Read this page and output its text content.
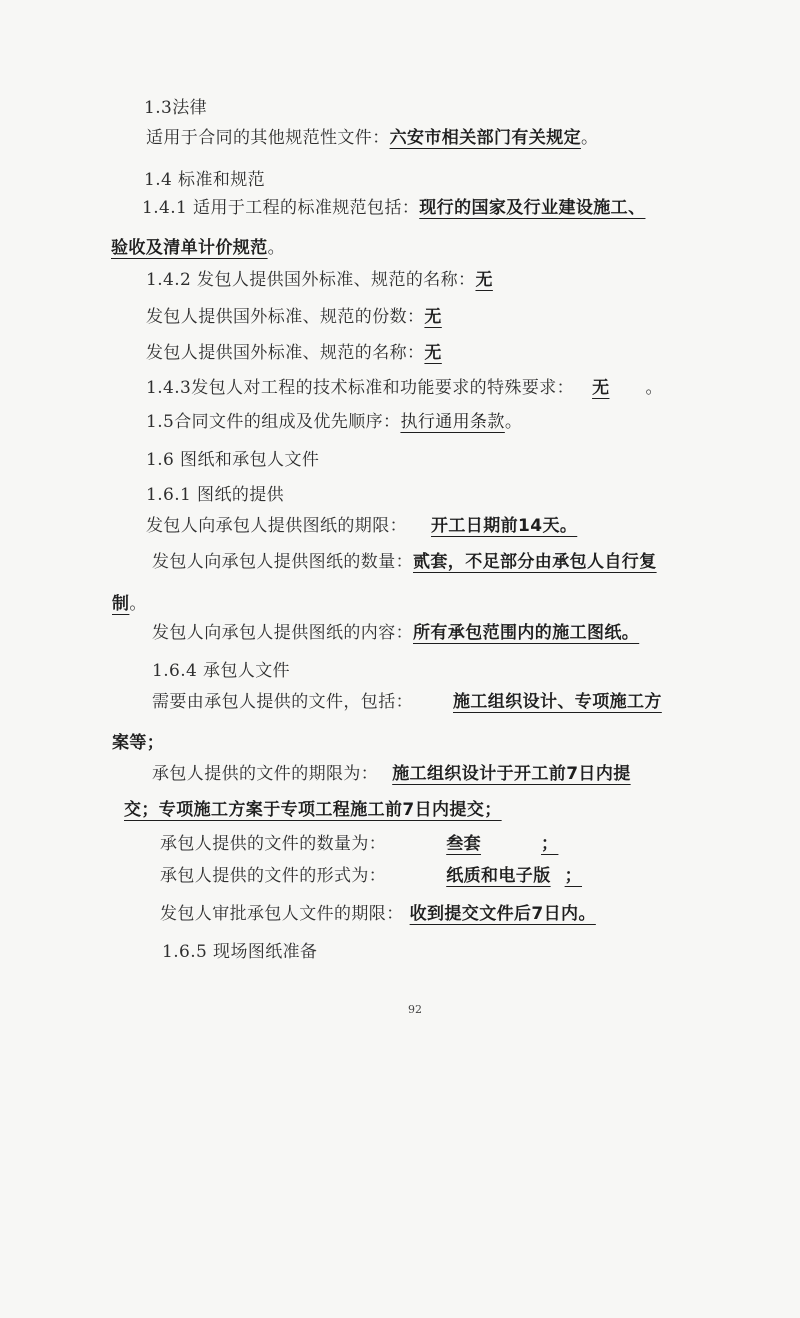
1.3法律
适用于合同的其他规范性文件：六安市相关部门有关规定。
1.4 标准和规范
1.4.1 适用于工程的标准规范包括：现行的国家及行业建设施工、
验收及清单计价规范。
1.4.2 发包人提供国外标准、规范的名称：无
发包人提供国外标准、规范的份数：无
发包人提供国外标准、规范的名称：无
1.4.3发包人对工程的技术标准和功能要求的特殊要求： 无 。
1.5合同文件的组成及优先顺序：执行通用条款。
1.6 图纸和承包人文件
1.6.1 图纸的提供
发包人向承包人提供图纸的期限： 开工日期前14天。
发包人向承包人提供图纸的数量：贰套，不足部分由承包人自行复
制。
发包人向承包人提供图纸的内容：所有承包范围内的施工图纸。
1.6.4 承包人文件
需要由承包人提供的文件，包括： 施工组织设计、专项施工方
案等；
承包人提供的文件的期限为： 施工组织设计于开工前7日内提
交；专项施工方案于专项工程施工前7日内提交；
承包人提供的文件的数量为：	叁套	；
承包人提供的文件的形式为：	纸质和电子版 ；
发包人审批承包人文件的期限： 收到提交文件后7日内。
1.6.5 现场图纸准备
92
